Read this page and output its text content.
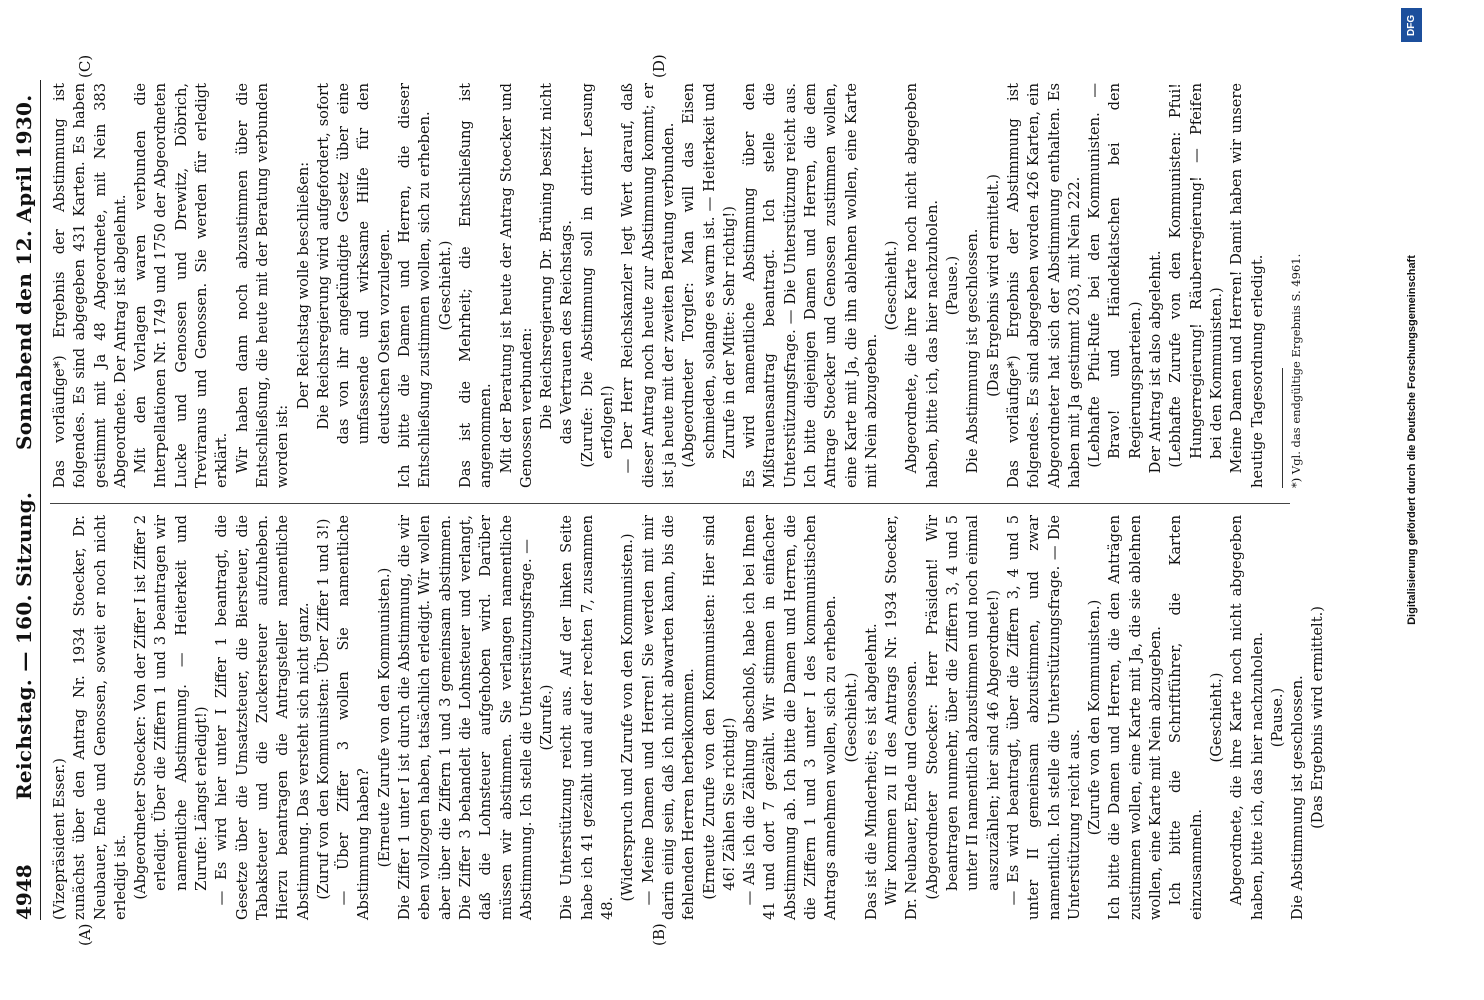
4948
Reichstag. — 160. Sitzung.
Sonnabend den 12. April 1930.
(A)	(B)
(C)	(D)

(Vizepräsident Esser.) zunächst über den Antrag Nr. 1934 Stoecker, Dr. Neubauer, Ende und Genossen, soweit er noch nicht erledigt ist. (Abgeordneter Stoecker: Von der Ziffer I ist Ziffer 2 erledigt. Über die Ziffern 1 und 3 beantragen wir namentliche Abstimmung. — Heiterkeit und Zurufe: Längst erledigt!) — Es wird hier unter I Ziffer 1 beantragt, die Gesetze über die Umsatzsteuer, die Biersteuer, die Tabaksteuer und die Zuckersteuer aufzuheben. Hierzu beantragen die Antragsteller namentliche Abstimmung. Das versteht sich nicht ganz. (Zuruf von den Kommunisten: Über Ziffer 1 und 3!) — Über Ziffer 3 wollen Sie namentliche Abstimmung haben? (Erneute Zurufe von den Kommunisten.) Die Ziffer 1 unter I ist durch die Abstimmung, die wir eben vollzogen haben, tatsächlich erledigt. Wir wollen aber über die Ziffern 1 und 3 gemeinsam abstimmen. Die Ziffer 3 behandelt die Lohnsteuer und verlangt, daß die Lohnsteuer aufgehoben wird. Darüber müssen wir abstimmen. Sie verlangen namentliche Abstimmung. Ich stelle die Unterstützungsfrage. — (Zurufe.) Die Unterstützung reicht aus. Auf der linken Seite habe ich 41 gezählt und auf der rechten 7, zusammen 48.

(Widerspruch und Zurufe von den Kommunisten.) — Meine Damen und Herren! Sie werden mit mir darin einig sein, daß ich nicht abwarten kann, bis die fehlenden Herren herbeikommen. (Erneute Zurufe von den Kommunisten: Hier sind 46! Zählen Sie richtig!) — Als ich die Zählung abschloß, habe ich bei Ihnen 41 und dort 7 gezählt. Wir stimmen in einfacher Abstimmung ab. Ich bitte die Damen und Herren, die die Ziffern 1 und 3 unter I des kommunistischen Antrags annehmen wollen, sich zu erheben. (Geschieht.) Das ist die Minderheit; es ist abgelehnt. Wir kommen zu II des Antrags Nr. 1934 Stoecker, Dr. Neubauer, Ende und Genossen. (Abgeordneter Stoecker: Herr Präsident! Wir beantragen nunmehr, über die Ziffern 3, 4 und 5 unter II namentlich abzustimmen und noch einmal auszuzählen; hier sind 46 Abgeordnete!) — Es wird beantragt, über die Ziffern 3, 4 und 5 unter II gemeinsam abzustimmen, und zwar namentlich. Ich stelle die Unterstützungsfrage. — Die Unterstützung reicht aus. (Zurufe von den Kommunisten.) Ich bitte die Damen und Herren, die den Anträgen zustimmen wollen, eine Karte mit Ja, die sie ablehnen wollen, eine Karte mit Nein abzugeben. Ich bitte die Schriftführer, die Karten einzusammeln.

(Geschieht.) Abgeordnete, die ihre Karte noch nicht abgegeben haben, bitte ich, das hier nachzuholen. (Pause.) Die Abstimmung ist geschlossen. (Das Ergebnis wird ermittelt.)

Das vorläufige*) Ergebnis der Abstimmung ist folgendes. Es sind abgegeben 431 Karten. Es haben gestimmt mit Ja 48 Abgeordnete, mit Nein 383 Abgeordnete. Der Antrag ist abgelehnt. Mit den Vorlagen waren verbunden die Interpellationen Nr. 1749 und 1750 der Abgeordneten Lucke und Genossen und Drewitz, Döbrich, Treviranus und Genossen. Sie werden für erledigt erklärt. Wir haben dann noch abzustimmen über die Entschließung, die heute mit der Beratung verbunden worden ist:

Der Reichstag wolle beschließen: Die Reichsregierung wird aufgefordert, sofort das von ihr angekündigte Gesetz über eine umfassende und wirksame Hilfe für den deutschen Osten vorzulegen. Ich bitte die Damen und Herren, die dieser Entschließung zustimmen wollen, sich zu erheben. (Geschieht.) Das ist die Mehrheit; die Entschließung ist angenommen. Mit der Beratung ist heute der Antrag Stoecker und Genossen verbunden: Die Reichsregierung Dr. Brüning besitzt nicht das Vertrauen des Reichstags. (Zurufe: Die Abstimmung soll in dritter Lesung erfolgen!) — Der Herr Reichskanzler legt Wert darauf, daß dieser Antrag noch heute zur Abstimmung kommt; er ist ja heute mit der zweiten Beratung verbunden. (Abgeordneter Torgler: Man will das Eisen schmieden, solange es warm ist. — Heiterkeit und Zurufe in der Mitte: Sehr richtig!) Es wird namentliche Abstimmung über den Mißtrauensantrag beantragt. Ich stelle die Unterstützungsfrage. — Die Unterstützung reicht aus. Ich bitte diejenigen Damen und Herren, die dem Antrage Stoecker und Genossen zustimmen wollen, eine Karte mit Ja, die ihn ablehnen wollen, eine Karte mit Nein abzugeben.

(Geschieht.) Abgeordnete, die ihre Karte noch nicht abgegeben haben, bitte ich, das hier nachzuholen. (Pause.) Die Abstimmung ist geschlossen. (Das Ergebnis wird ermittelt.) Das vorläufige*) Ergebnis der Abstimmung ist folgendes. Es sind abgegeben worden 426 Karten, ein Abgeordneter hat sich der Abstimmung enthalten. Es haben mit Ja gestimmt 203, mit Nein 222. (Lebhafte Pfui-Rufe bei den Kommunisten. — Bravo! und Händeklatschen bei den Regierungsparteien.) Der Antrag ist also abgelehnt. (Lebhafte Zurufe von den Kommunisten: Pfui! Hungerregierung! Räuberregierung! — Pfeifen bei den Kommunisten.) Meine Damen und Herren! Damit haben wir unsere heutige Tagesordnung erledigt. *) Vgl. das endgültige Ergebnis S. 4961.

DFG
Digitalisierung gefördert durch die Deutsche Forschungsgemeinschaft
